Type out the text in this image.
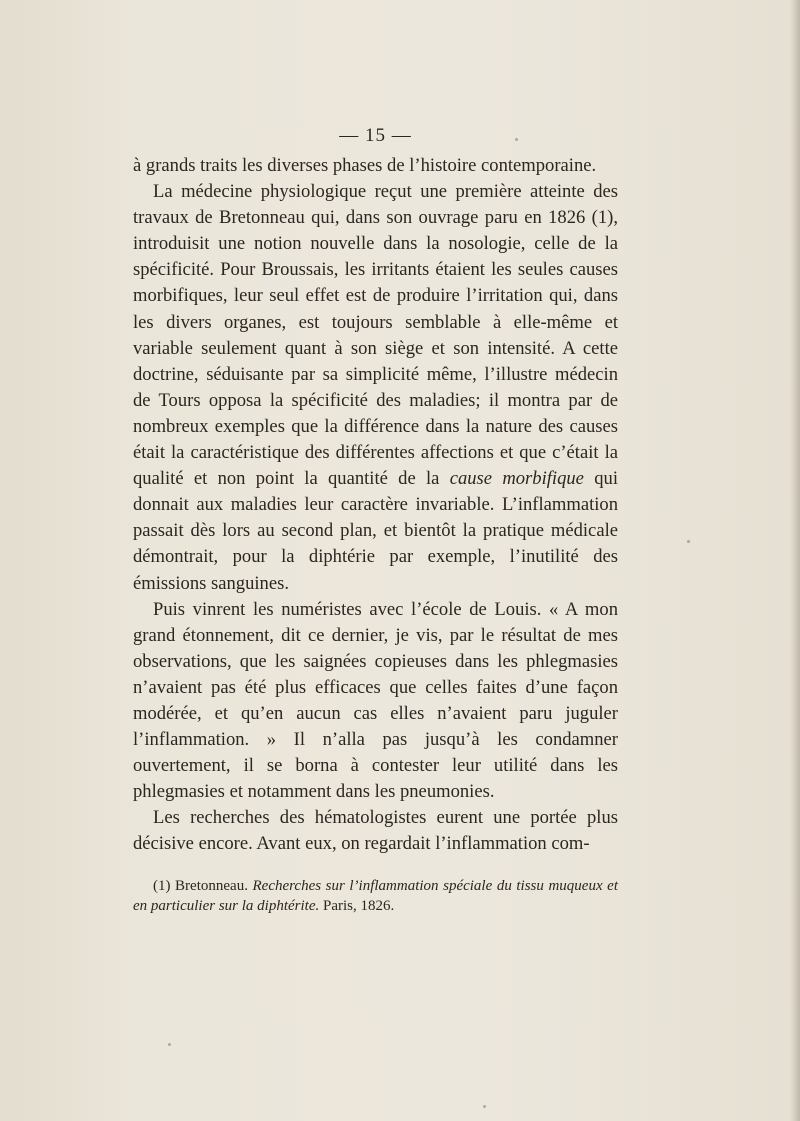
— 15 —

à grands traits les diverses phases de l’histoire contemporaine.

La médecine physiologique reçut une première atteinte des travaux de Bretonneau qui, dans son ouvrage paru en 1826 (1), introduisit une notion nouvelle dans la nosologie, celle de la spécificité. Pour Broussais, les irritants étaient les seules causes morbifiques, leur seul effet est de produire l’irritation qui, dans les divers organes, est toujours semblable à elle-même et variable seulement quant à son siège et son intensité. A cette doctrine, séduisante par sa simplicité même, l’illustre médecin de Tours opposa la spécificité des maladies; il montra par de nombreux exemples que la différence dans la nature des causes était la caractéristique des différentes affections et que c’était la qualité et non point la quantité de la cause morbifique qui donnait aux maladies leur caractère invariable. L’inflammation passait dès lors au second plan, et bientôt la pratique médicale démontrait, pour la diphtérie par exemple, l’inutilité des émissions sanguines.

Puis vinrent les numéristes avec l’école de Louis. « A mon grand étonnement, dit ce dernier, je vis, par le résultat de mes observations, que les saignées copieuses dans les phlegmasies n’avaient pas été plus efficaces que celles faites d’une façon modérée, et qu’en aucun cas elles n’avaient paru juguler l’inflammation. » Il n’alla pas jusqu’à les condamner ouvertement, il se borna à contester leur utilité dans les phlegmasies et notamment dans les pneumonies.

Les recherches des hématologistes eurent une portée plus décisive encore. Avant eux, on regardait l’inflammation com-

(1) Bretonneau. Recherches sur l’inflammation spéciale du tissu muqueux et en particulier sur la diphtérite. Paris, 1826.
